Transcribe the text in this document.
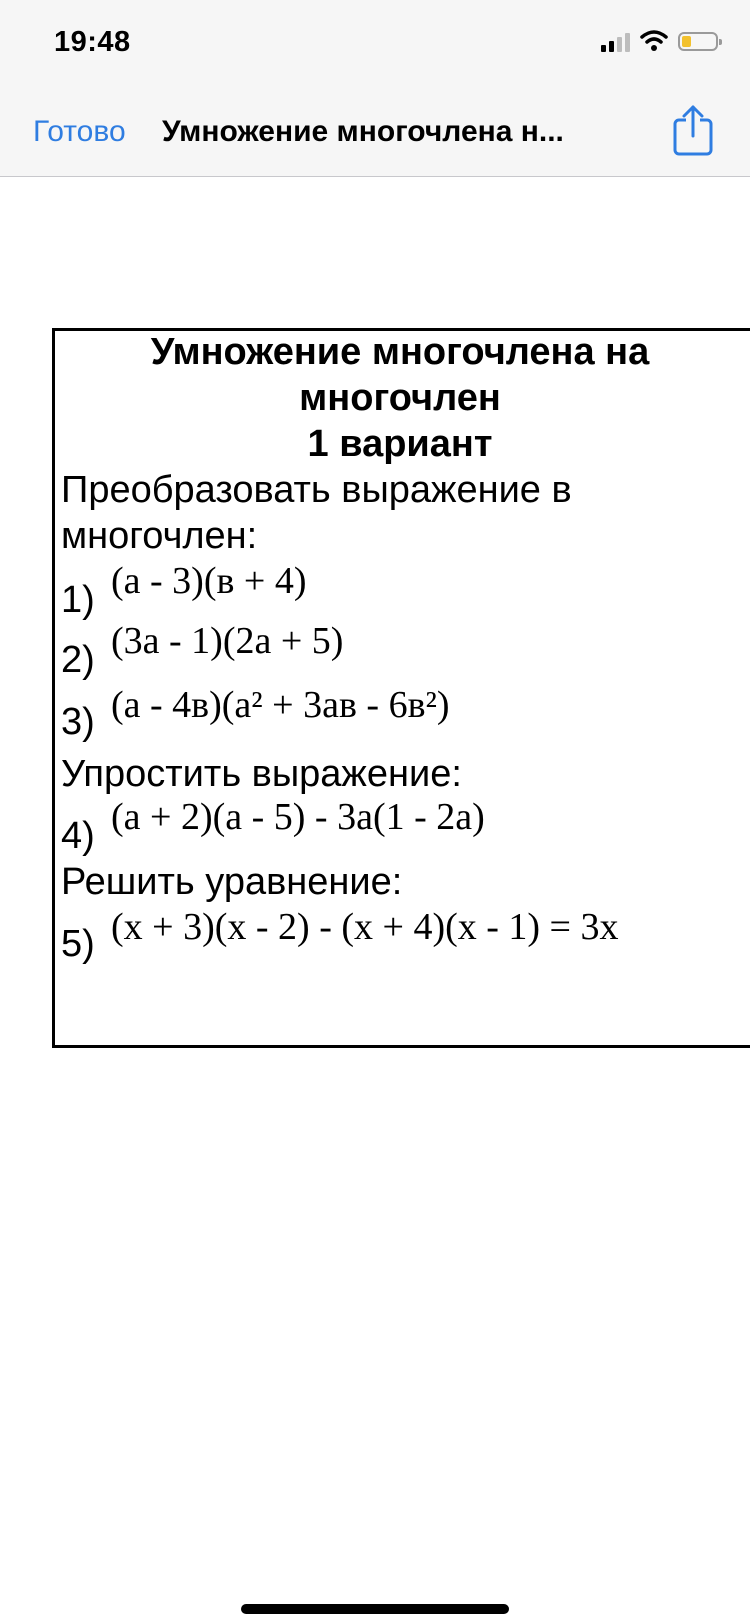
19:48
Готово Умножение многочлена н...
Умножение многочлена на
многочлен
1 вариант
Преобразовать выражение в
многочлен:
1) (a - 3)(в + 4)
2) (3a - 1)(2a + 5)
3) (a - 4в)(a² + 3aв - 6в²)
Упростить выражение:
4) (a + 2)(a - 5) - 3a(1 - 2a)
Решить уравнение:
5) (x + 3)(x - 2) - (x + 4)(x - 1) = 3x
